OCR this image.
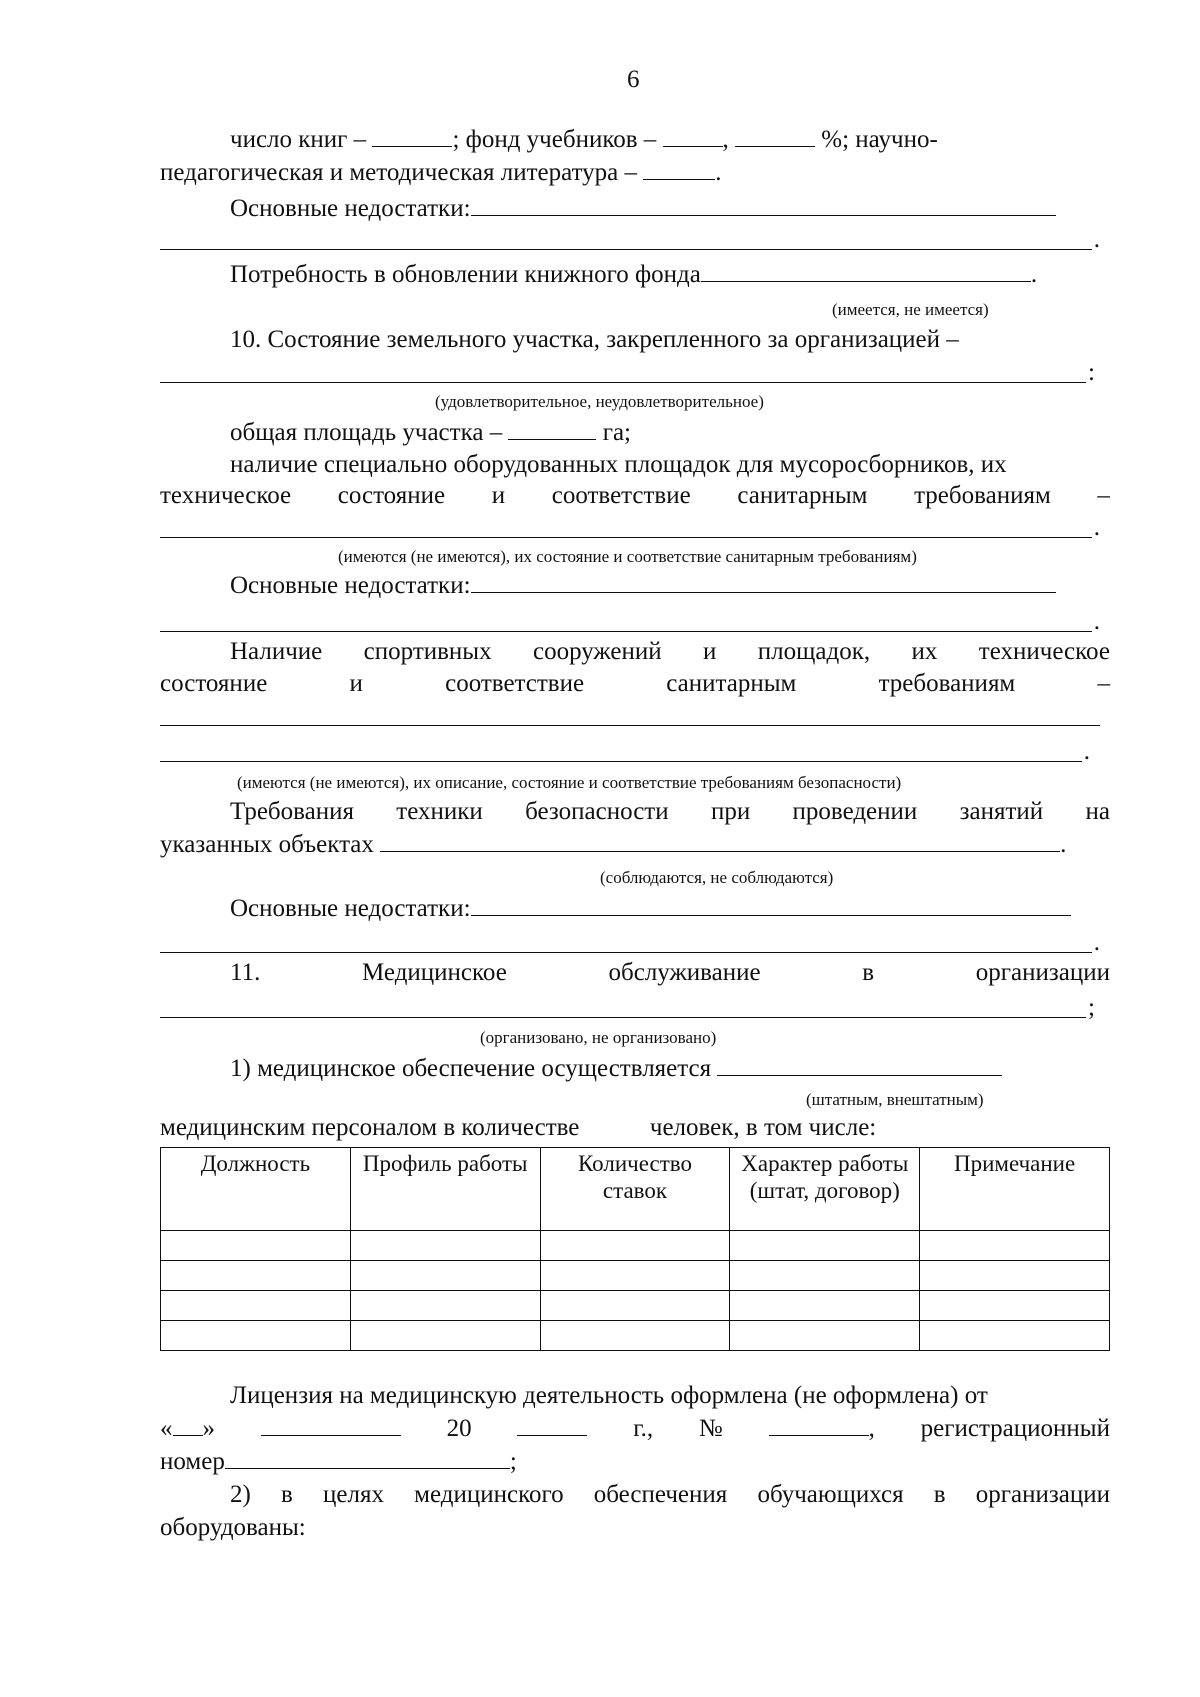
6
число книг –	; фонд учебников –	,	%; научно-
педагогическая и методическая литература –	.
Основные недостатки:
.
Потребность в обновлении книжного фонда	.
(имеется, не имеется)
10. Состояние земельного участка, закрепленного за организацией –
:
(удовлетворительное, неудовлетворительное)
общая площадь участка –	га;
наличие специально оборудованных площадок для мусоросборников, их
техническое состояние и соответствие санитарным требованиям –
.
(имеются (не имеются), их состояние и соответствие санитарным требованиям)
Основные недостатки:
.
Наличие спортивных сооружений и площадок, их техническое
состояние	и	соответствие	санитарным	требованиям	–
.
(имеются (не имеются), их описание, состояние и соответствие требованиям безопасности)
Требования техники безопасности при проведении занятий на
указанных объектах	.
(соблюдаются, не соблюдаются)
Основные недостатки:
.
11.	Медицинское	обслуживание	в	организации
;
(организовано, не организовано)
1) медицинское обеспечение осуществляется
(штатным, внештатным)
медицинским персоналом в количестве	человек, в том числе:
Должность	Профиль работы	Количество ставок	Характер работы (штат, договор)	Примечание

Лицензия на медицинскую деятельность оформлена (не оформлена) от
« »	20	г., №	, регистрационный
номер	;
2) в целях медицинского обеспечения обучающихся в организации
оборудованы:
